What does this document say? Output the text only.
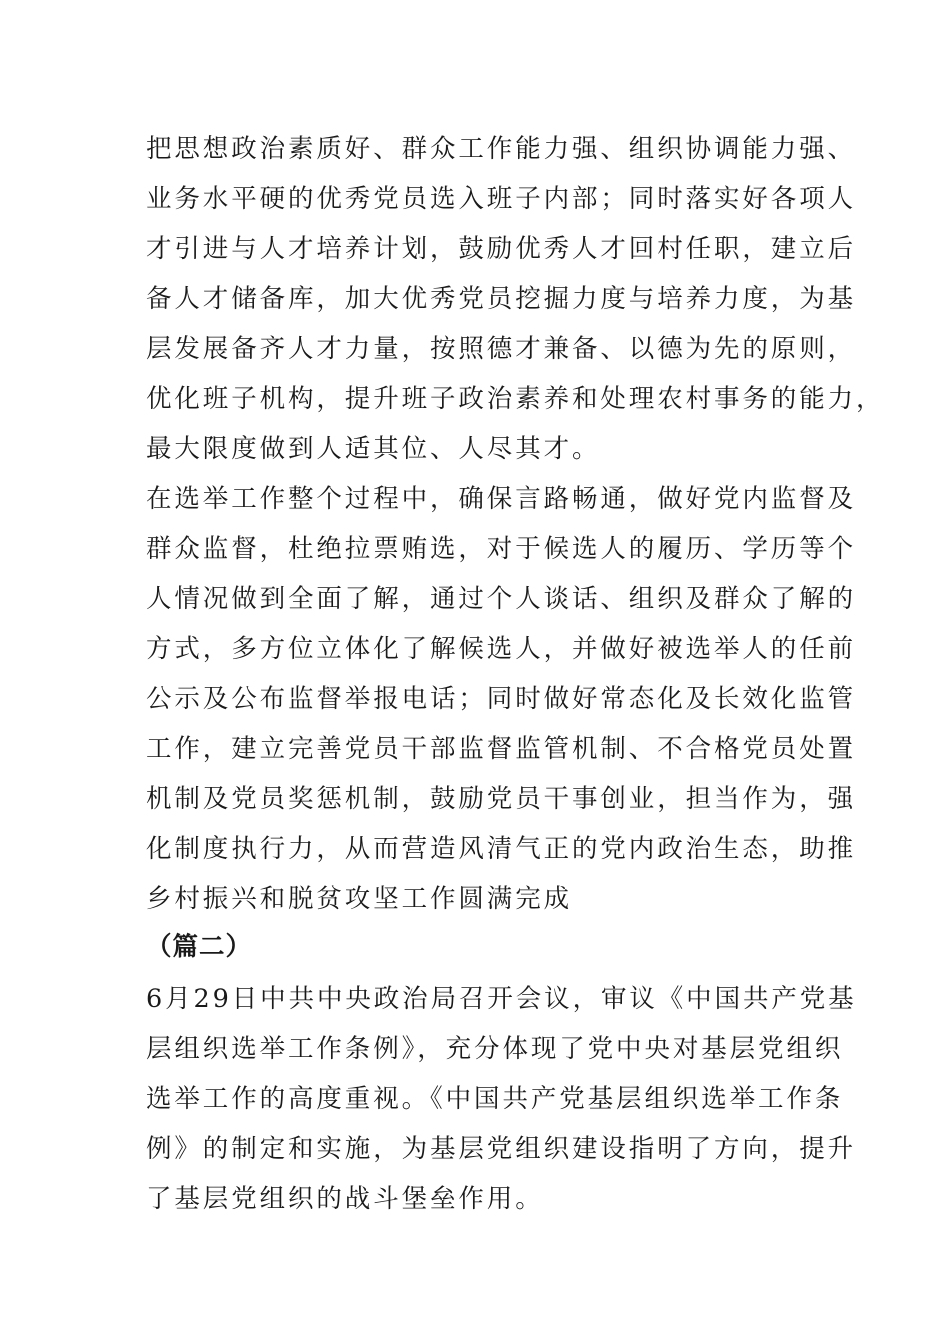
把思想政治素质好、群众工作能力强、组织协调能力强、
业务水平硬的优秀党员选入班子内部；同时落实好各项人
才引进与人才培养计划，鼓励优秀人才回村任职，建立后
备人才储备库，加大优秀党员挖掘力度与培养力度，为基
层发展备齐人才力量，按照德才兼备、以德为先的原则，
优化班子机构，提升班子政治素养和处理农村事务的能力，
最大限度做到人适其位、人尽其才。
在选举工作整个过程中，确保言路畅通，做好党内监督及
群众监督，杜绝拉票贿选，对于候选人的履历、学历等个
人情况做到全面了解，通过个人谈话、组织及群众了解的
方式，多方位立体化了解候选人，并做好被选举人的任前
公示及公布监督举报电话；同时做好常态化及长效化监管
工作，建立完善党员干部监督监管机制、不合格党员处置
机制及党员奖惩机制，鼓励党员干事创业，担当作为，强
化制度执行力，从而营造风清气正的党内政治生态，助推
乡村振兴和脱贫攻坚工作圆满完成
（篇二）
6月29日中共中央政治局召开会议，审议《中国共产党基
层组织选举工作条例》，充分体现了党中央对基层党组织
选举工作的高度重视。《中国共产党基层组织选举工作条
例》的制定和实施，为基层党组织建设指明了方向，提升
了基层党组织的战斗堡垒作用。
